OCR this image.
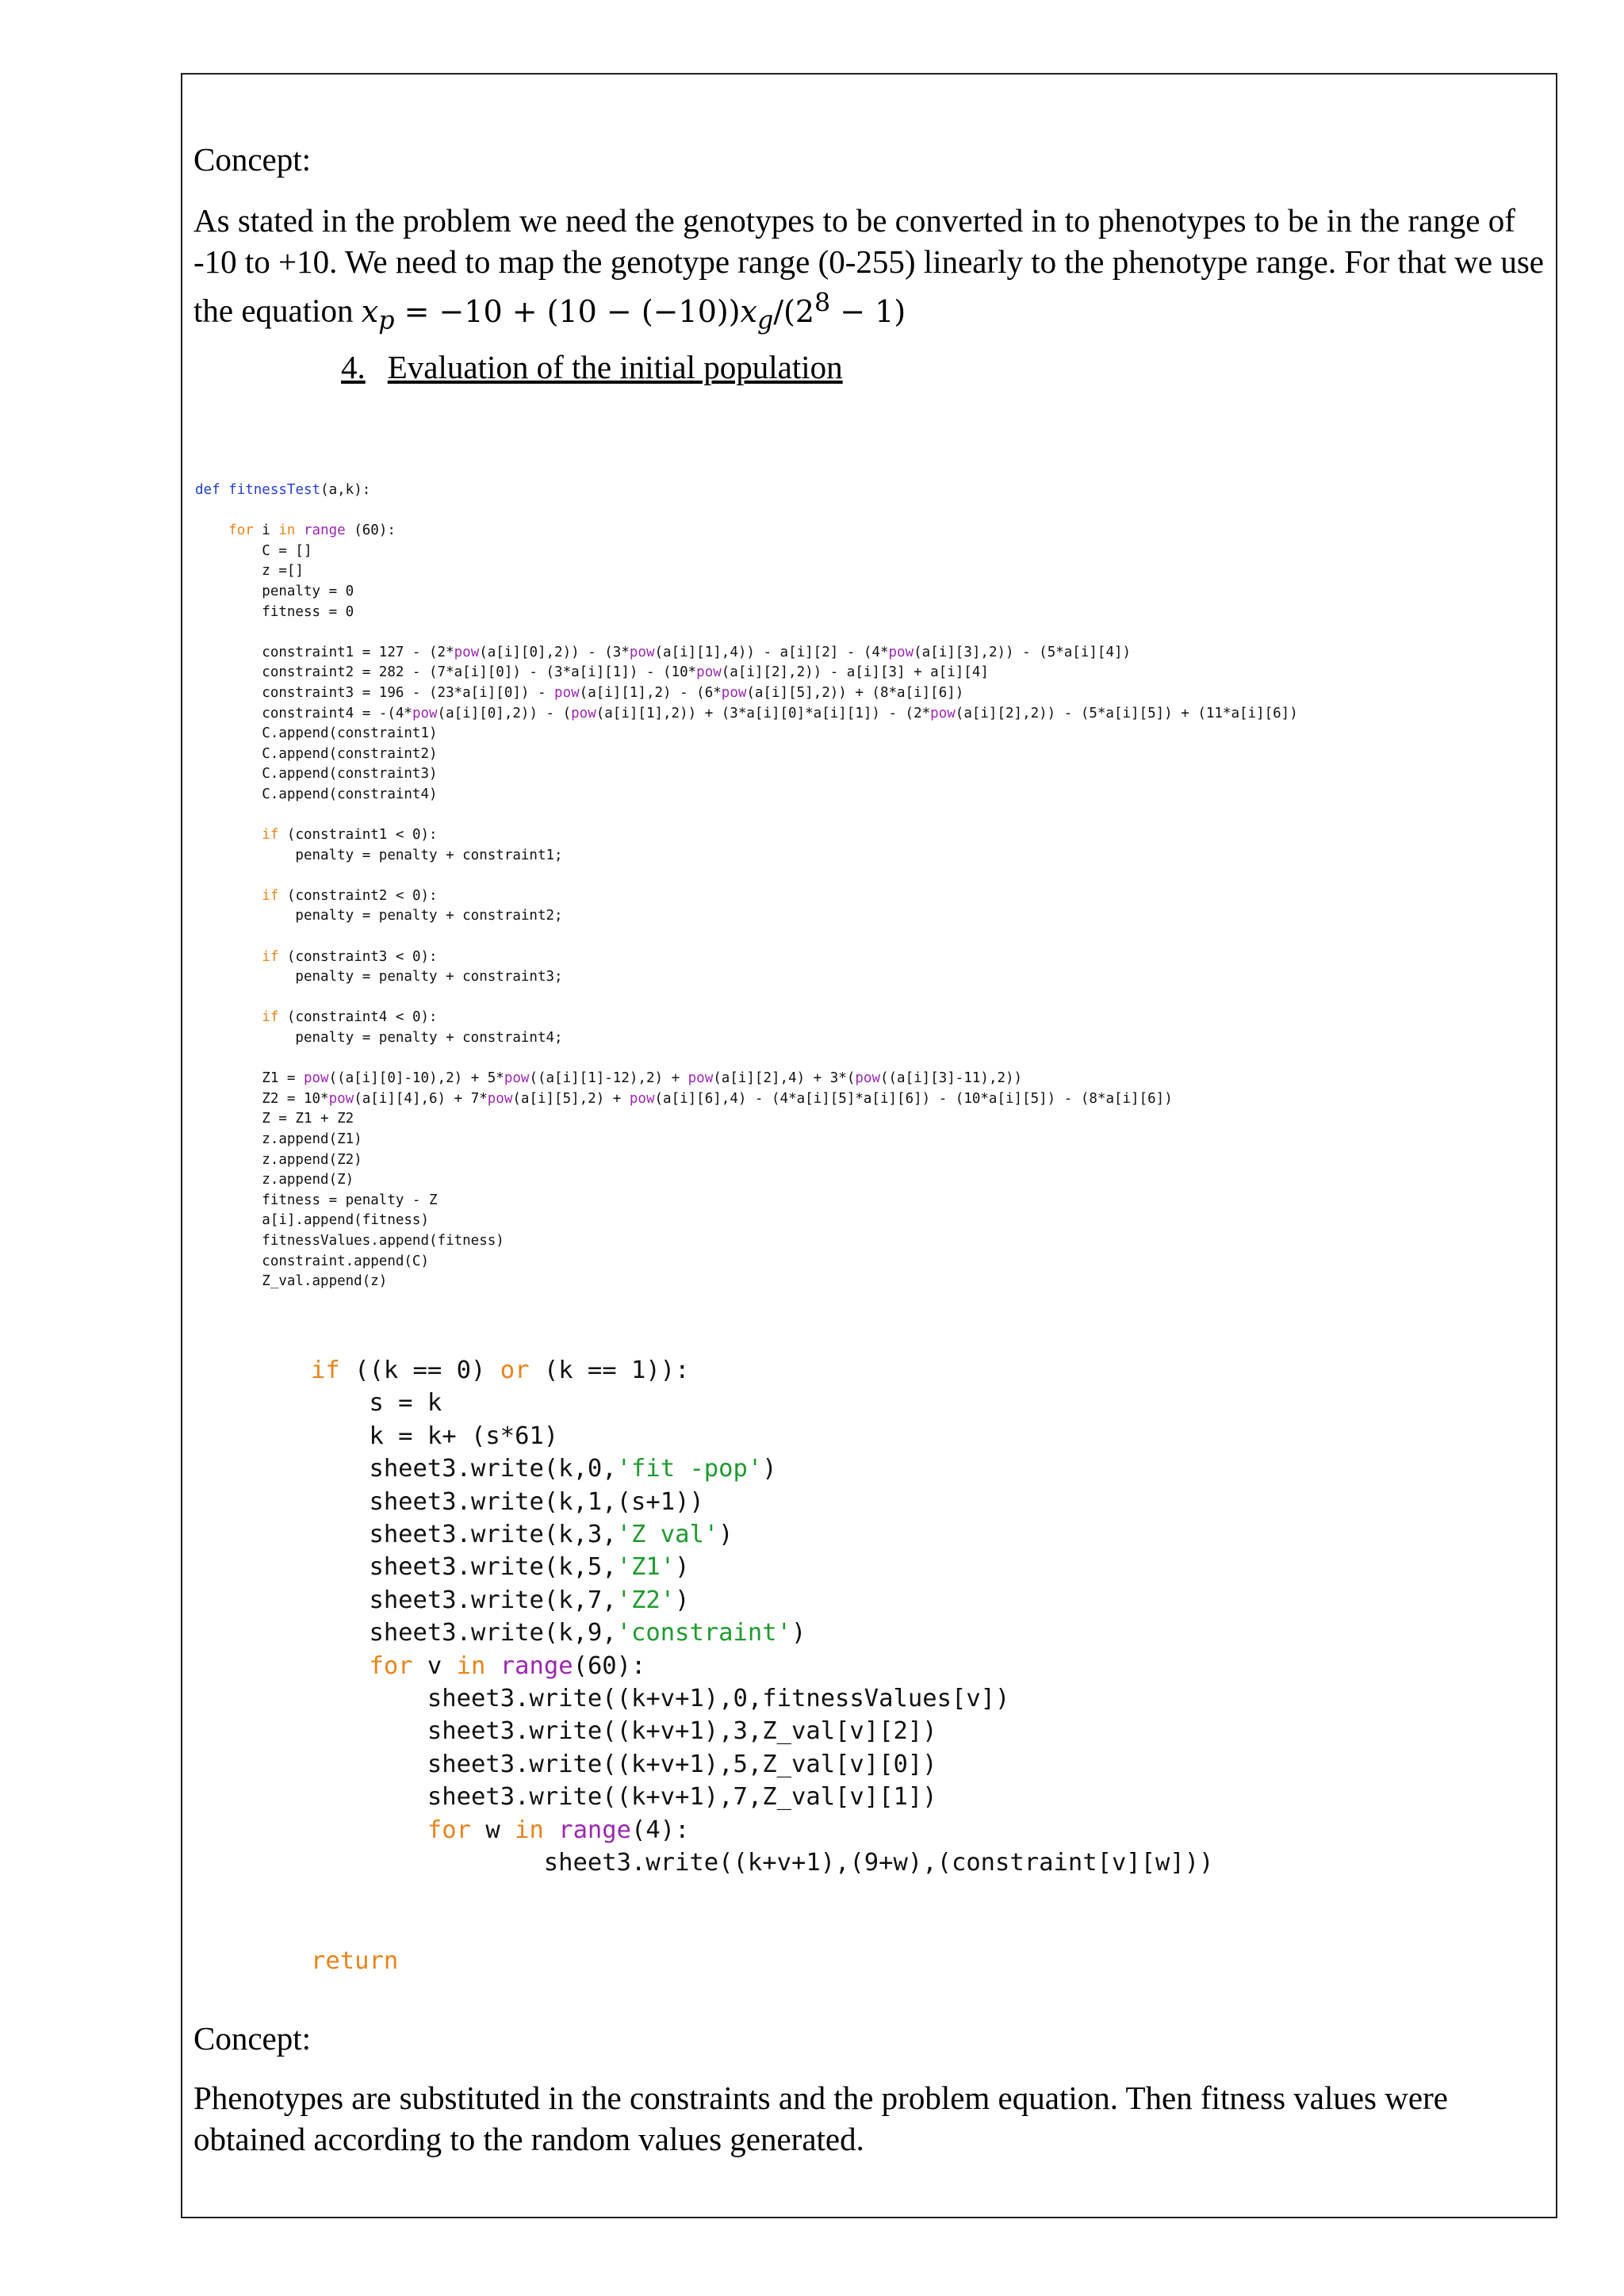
Concept:

As stated in the problem we need the genotypes to be converted in to phenotypes to be in the range of -10 to +10. We need to map the genotype range (0-255) linearly to the phenotype range. For that we use the equation $x_p = -10 + (10 - (-10))x_g/(2^8 - 1)$

4. Evaluation of the initial population
def fitnessTest(a,k):

for i in range (60):
C = []
z =[]
penalty = 0
fitness = 0

constraint1 = 127 - (2*pow(a[i][0],2)) - (3*pow(a[i][1],4)) - a[i][2] - (4*pow(a[i][3],2)) - (5*a[i][4])
constraint2 = 282 - (7*a[i][0]) - (3*a[i][1]) - (10*pow(a[i][2],2)) - a[i][3] + a[i][4]
constraint3 = 196 - (23*a[i][0]) - pow(a[i][1],2) - (6*pow(a[i][5],2)) + (8*a[i][6])
constraint4 = -(4*pow(a[i][0],2)) - (pow(a[i][1],2)) + (3*a[i][0]*a[i][1]) - (2*pow(a[i][2],2)) - (5*a[i][5]) + (11*a[i][6])
C.append(constraint1)
C.append(constraint2)
C.append(constraint3)
C.append(constraint4)

if (constraint1 < 0):
penalty = penalty + constraint1;

if (constraint2 < 0):
penalty = penalty + constraint2;

if (constraint3 < 0):
penalty = penalty + constraint3;

if (constraint4 < 0):
penalty = penalty + constraint4;

Z1 = pow((a[i][0]-10),2) + 5*pow((a[i][1]-12),2) + pow(a[i][2],4) + 3*(pow((a[i][3]-11),2))
Z2 = 10*pow(a[i][4],6) + 7*pow(a[i][5],2) + pow(a[i][6],4) - (4*a[i][5]*a[i][6]) - (10*a[i][5]) - (8*a[i][6])
Z = Z1 + Z2
z.append(Z1)
z.append(Z2)
z.append(Z)
fitness = penalty - Z
a[i].append(fitness)
fitnessValues.append(fitness)
constraint.append(C)
Z_val.append(z)
if ((k == 0) or (k == 1)):
s = k
k = k+ (s*61)
sheet3.write(k,0,'fit -pop')
sheet3.write(k,1,(s+1))
sheet3.write(k,3,'Z val')
sheet3.write(k,5,'Z1')
sheet3.write(k,7,'Z2')
sheet3.write(k,9,'constraint')
for v in range(60):
sheet3.write((k+v+1),0,fitnessValues[v])
sheet3.write((k+v+1),3,Z_val[v][2])
sheet3.write((k+v+1),5,Z_val[v][0])
sheet3.write((k+v+1),7,Z_val[v][1])
for w in range(4):
sheet3.write((k+v+1),(9+w),(constraint[v][w]))

return
Concept:

Phenotypes are substituted in the constraints and the problem equation. Then fitness values were obtained according to the random values generated.
